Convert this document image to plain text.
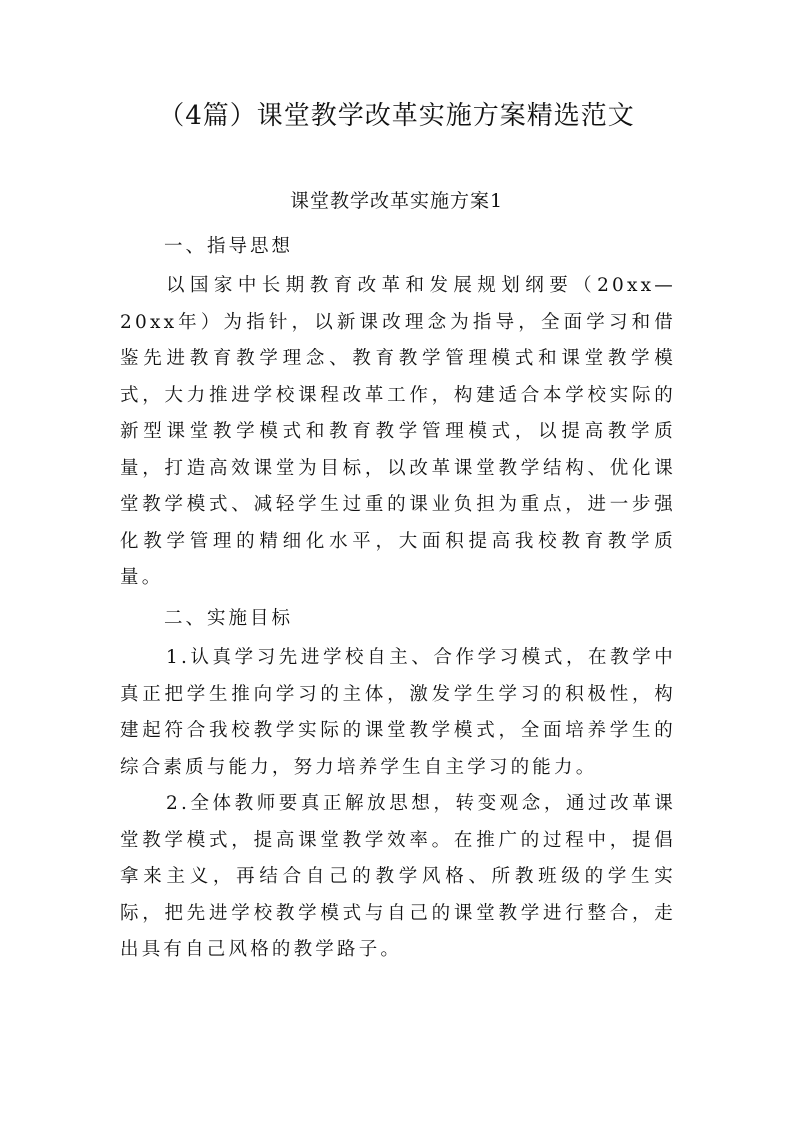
（4篇）课堂教学改革实施方案精选范文
课堂教学改革实施方案1
一、指导思想

以国家中长期教育改革和发展规划纲要（20xx—20xx年）为指针，以新课改理念为指导，全面学习和借鉴先进教育教学理念、教育教学管理模式和课堂教学模式，大力推进学校课程改革工作，构建适合本学校实际的新型课堂教学模式和教育教学管理模式，以提高教学质量，打造高效课堂为目标，以改革课堂教学结构、优化课堂教学模式、减轻学生过重的课业负担为重点，进一步强化教学管理的精细化水平，大面积提高我校教育教学质量。

二、实施目标

1.认真学习先进学校自主、合作学习模式，在教学中真正把学生推向学习的主体，激发学生学习的积极性，构建起符合我校教学实际的课堂教学模式，全面培养学生的综合素质与能力，努力培养学生自主学习的能力。

2.全体教师要真正解放思想，转变观念，通过改革课堂教学模式，提高课堂教学效率。在推广的过程中，提倡拿来主义，再结合自己的教学风格、所教班级的学生实际，把先进学校教学模式与自己的课堂教学进行整合，走出具有自己风格的教学路子。
